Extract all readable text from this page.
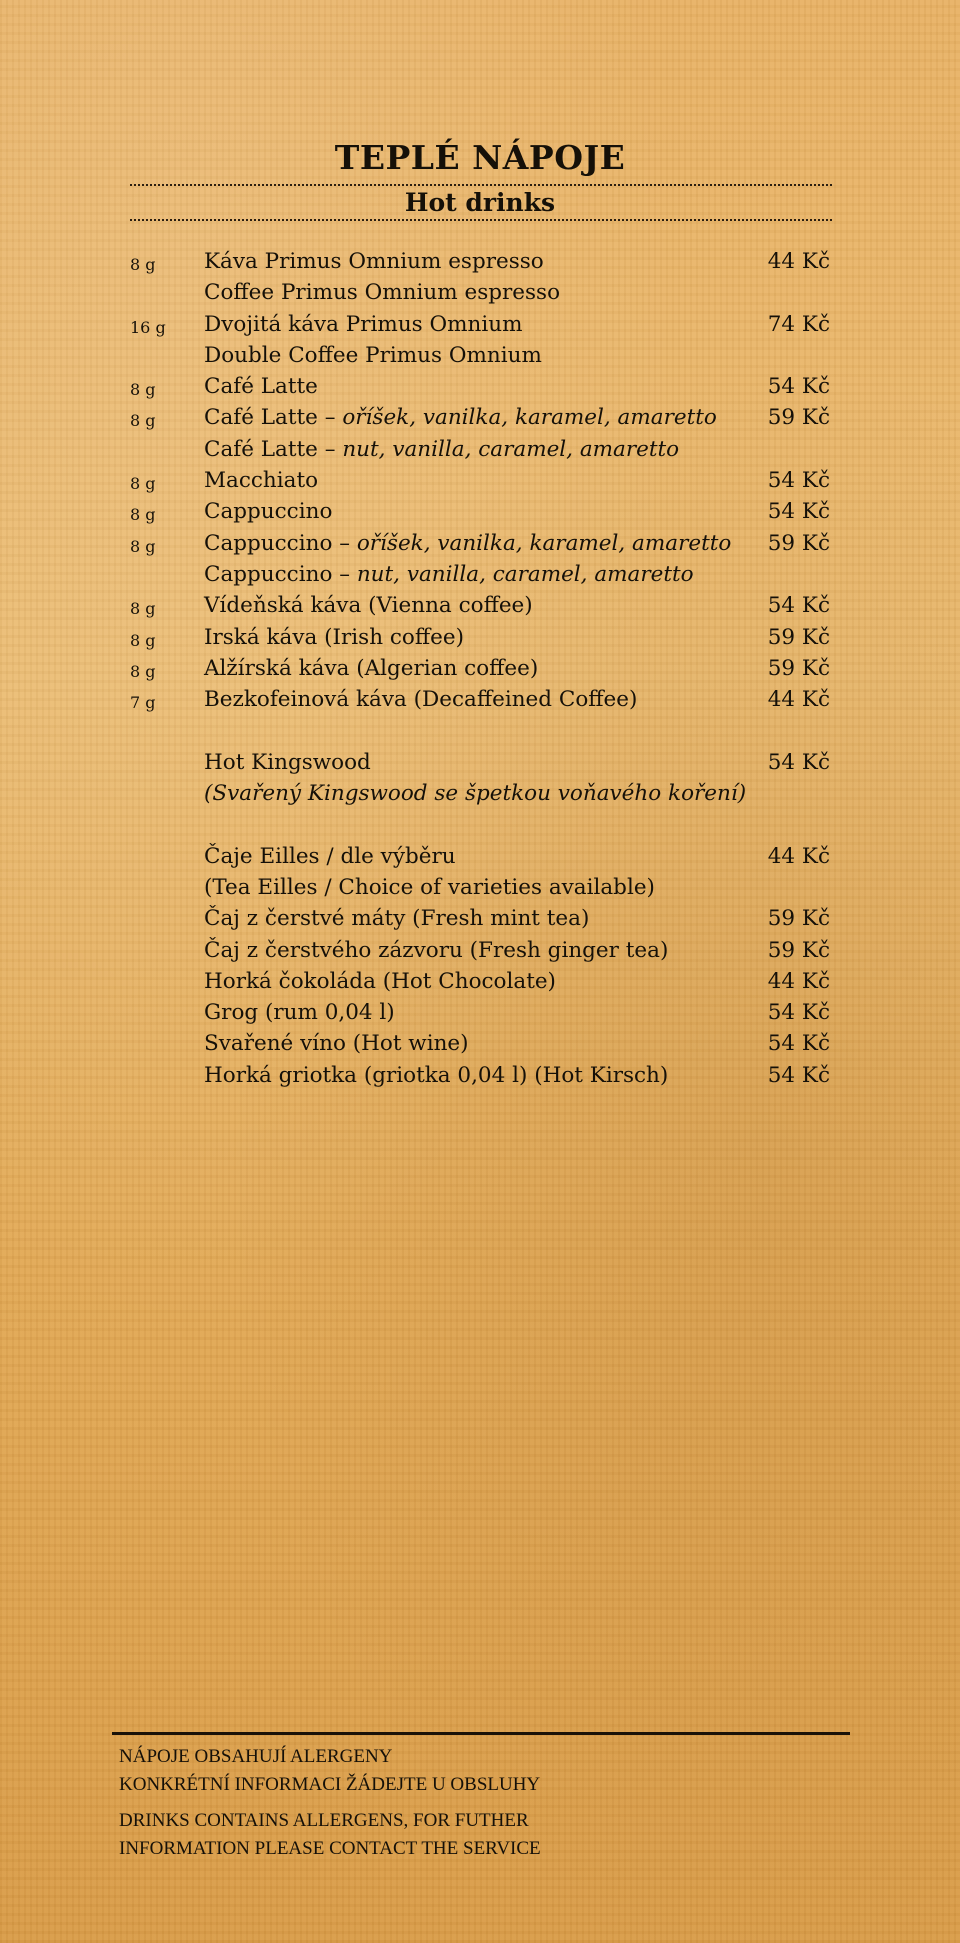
TEPLÉ NÁPOJE
Hot drinks
8 g Káva Primus Omnium espresso	44 Kč
Coffee Primus Omnium espresso
16 g Dvojitá káva Primus Omnium	74 Kč
Double Coffee Primus Omnium
8 g Café Latte	54 Kč
8 g Café Latte – oříšek, vanilka, karamel, amaretto 59 Kč
Café Latte – nut, vanilla, caramel, amaretto
8 g Macchiato	54 Kč
8 g Cappuccino	54 Kč
8 g Cappuccino – oříšek, vanilka, karamel, amaretto 59 Kč
Cappuccino – nut, vanilla, caramel, amaretto
8 g Vídeňská káva (Vienna coffee)	54 Kč
8 g Irská káva (Irish coffee)	59 Kč
8 g Alžírská káva (Algerian coffee)	59 Kč
7 g Bezkofeinová káva (Decaffeined Coffee)	44 Kč
Hot Kingswood	54 Kč
(Svařený Kingswood se špetkou voňavého koření)
Čaje Eilles / dle výběru	44 Kč
(Tea Eilles / Choice of varieties available)
Čaj z čerstvé máty (Fresh mint tea)	59 Kč
Čaj z čerstvého zázvoru (Fresh ginger tea)	59 Kč
Horká čokoláda (Hot Chocolate)	44 Kč
Grog (rum 0,04 l)	54 Kč
Svařené víno (Hot wine)	54 Kč
Horká griotka (griotka 0,04 l) (Hot Kirsch)	54 Kč
NÁPOJE OBSAHUJÍ ALERGENY
KONKRÉTNÍ INFORMACI ŽÁDEJTE U OBSLUHY
DRINKS CONTAINS ALLERGENS, FOR FUTHER
INFORMATION PLEASE CONTACT THE SERVICE
